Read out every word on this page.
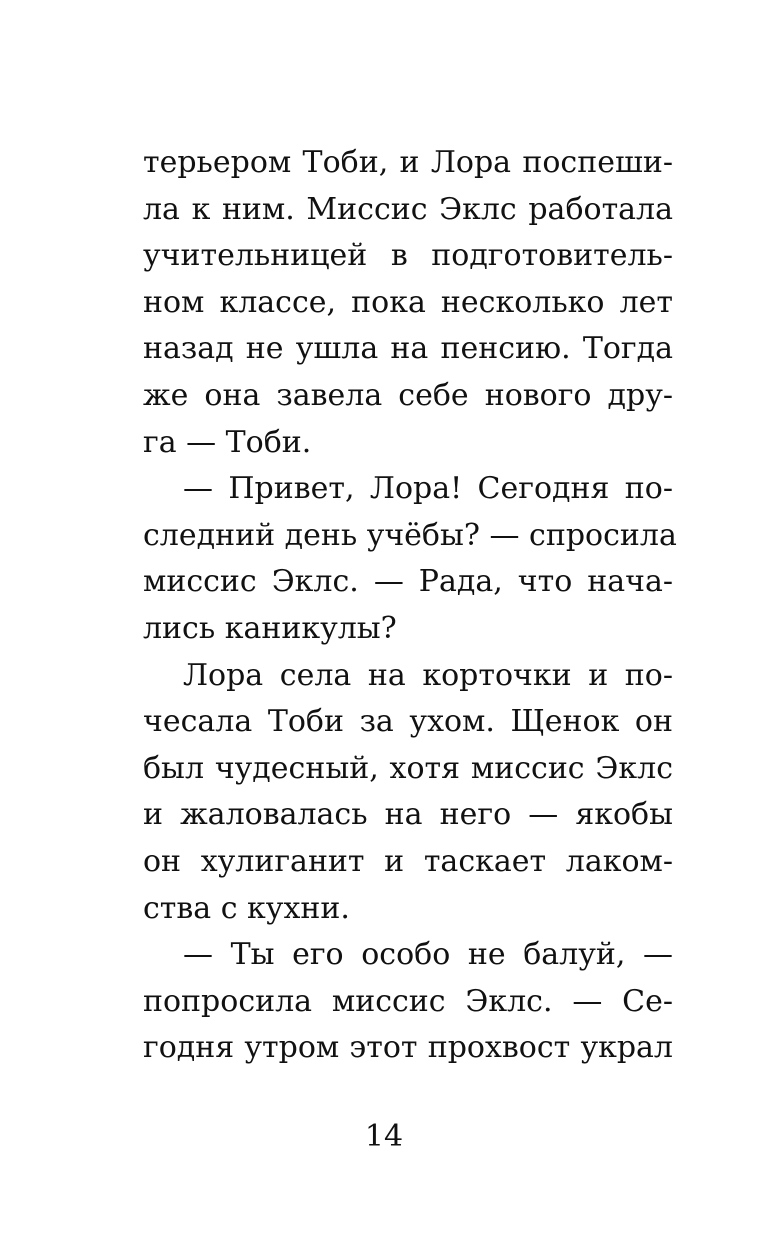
терьером Тоби, и Лора поспеши-
ла к ним. Миссис Эклс работала
учительницей в подготовитель-
ном классе, пока несколько лет
назад не ушла на пенсию. Тогда
же она завела себе нового дру-
га — Тоби.
— Привет, Лора! Сегодня по-
следний день учёбы? — спросила
миссис Эклс. — Рада, что нача-
лись каникулы?
Лора села на корточки и по-
чесала Тоби за ухом. Щенок он
был чудесный, хотя миссис Эклс
и жаловалась на него — якобы
он хулиганит и таскает лаком-
ства с кухни.
— Ты его особо не балуй, —
попросила миссис Эклс. — Се-
годня утром этот прохвост украл
14
